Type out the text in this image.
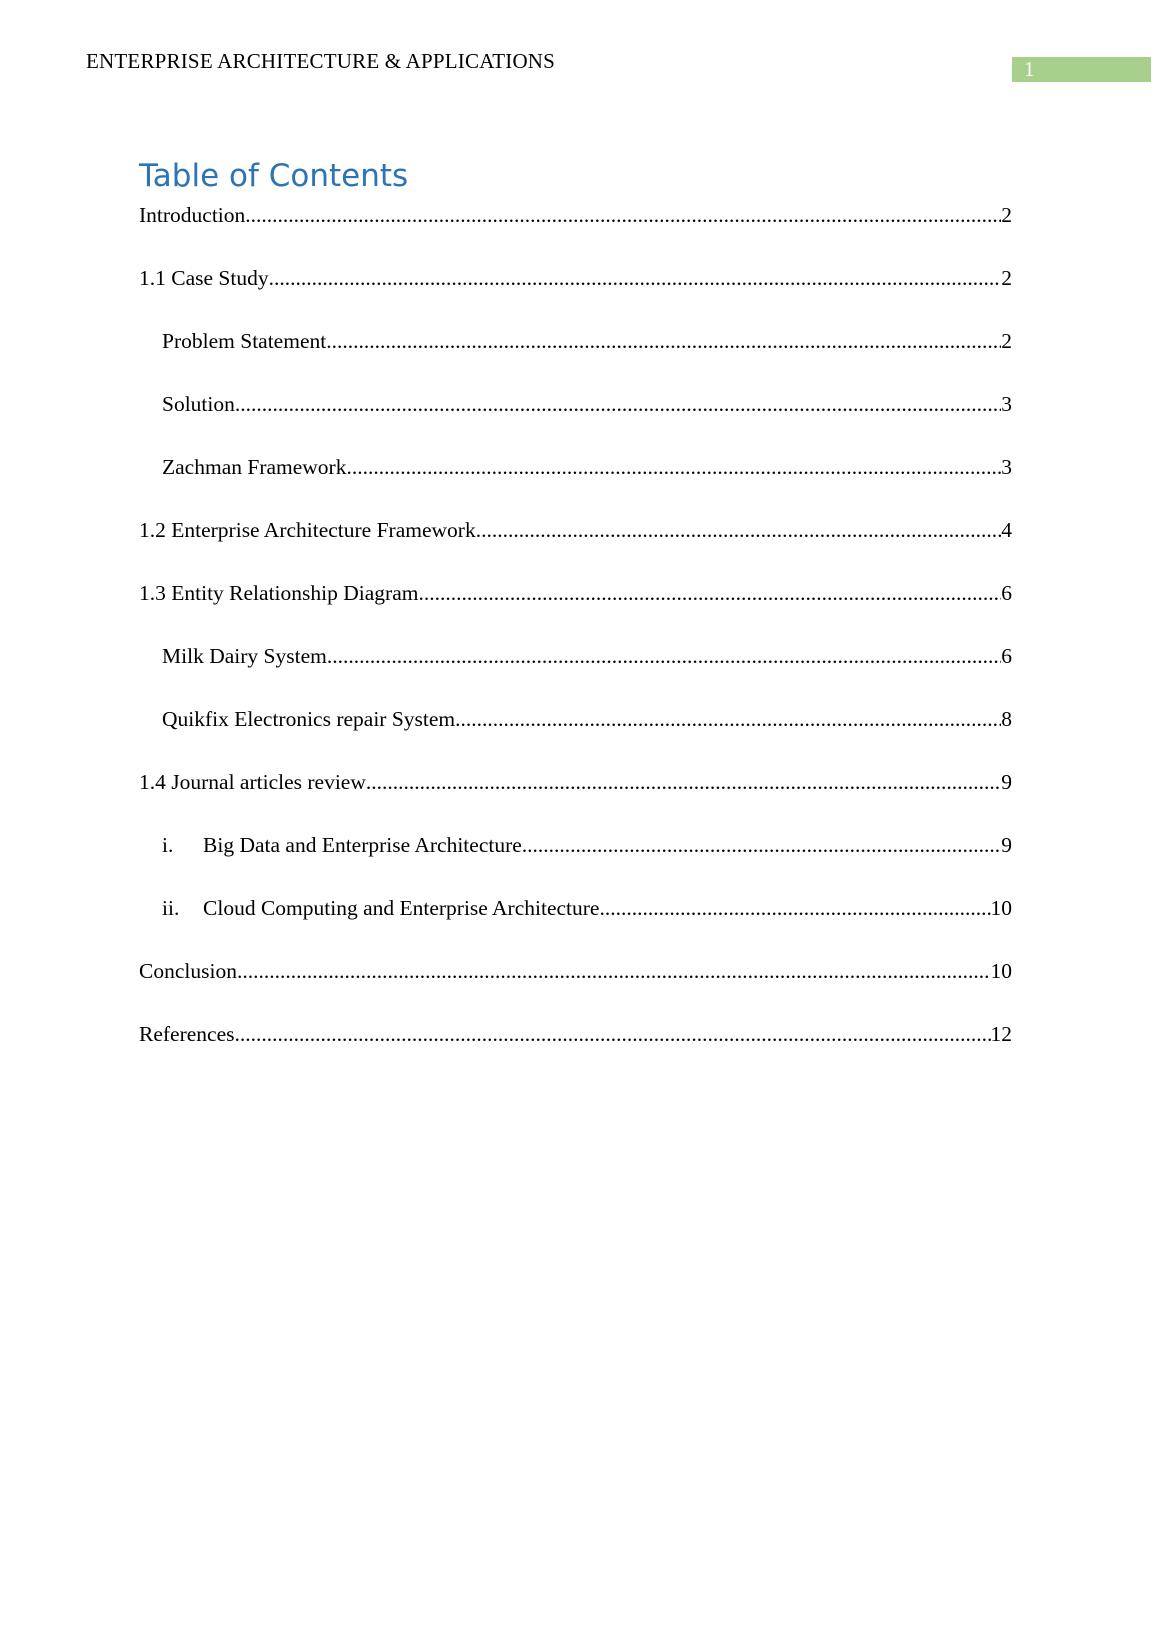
ENTERPRISE ARCHITECTURE & APPLICATIONS	1
Table of Contents
Introduction .....	2
1.1 Case Study .....	2
Problem Statement .....	2
Solution .....	3
Zachman Framework .....	3
1.2 Enterprise Architecture Framework .....	4
1.3 Entity Relationship Diagram .....	6
Milk Dairy System .....	6
Quikfix Electronics repair System .....	8
1.4 Journal articles review .....	9
i.	Big Data and Enterprise Architecture .....	9
ii.	Cloud Computing and Enterprise Architecture .....	10
Conclusion .....	10
References .....	12
